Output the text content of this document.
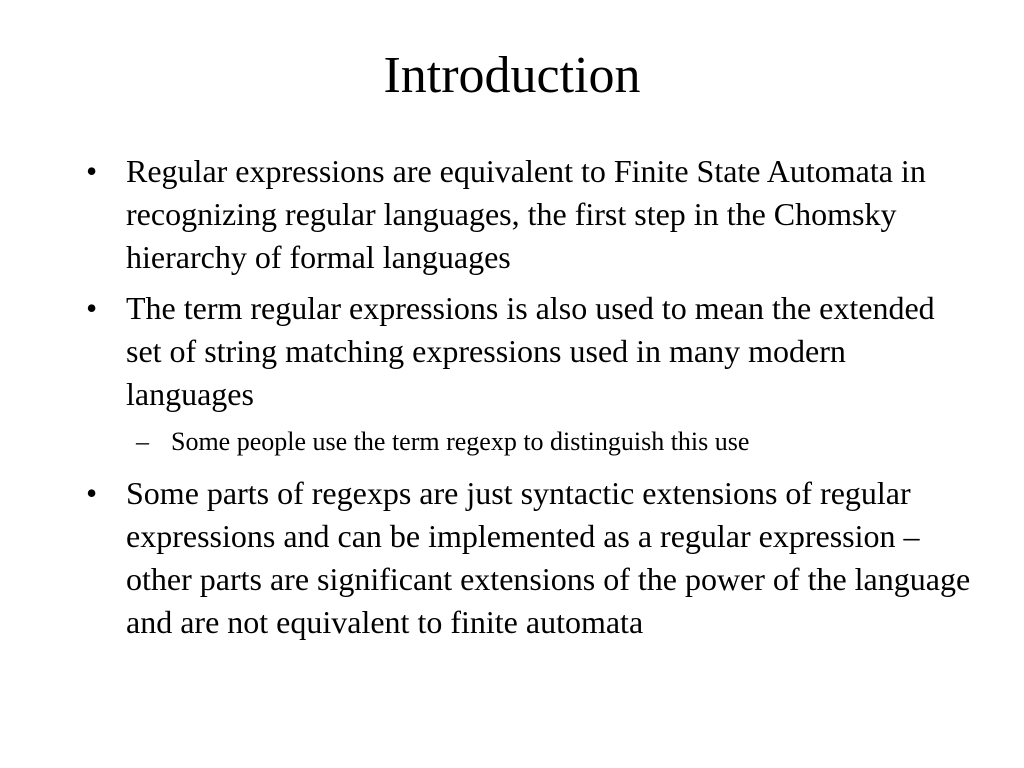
Introduction
• Regular expressions are equivalent to Finite State Automata in recognizing regular languages, the first step in the Chomsky hierarchy of formal languages
• The term regular expressions is also used to mean the extended set of string matching expressions used in many modern languages
– Some people use the term regexp to distinguish this use
• Some parts of regexps are just syntactic extensions of regular expressions and can be implemented as a regular expression – other parts are significant extensions of the power of the language and are not equivalent to finite automata
